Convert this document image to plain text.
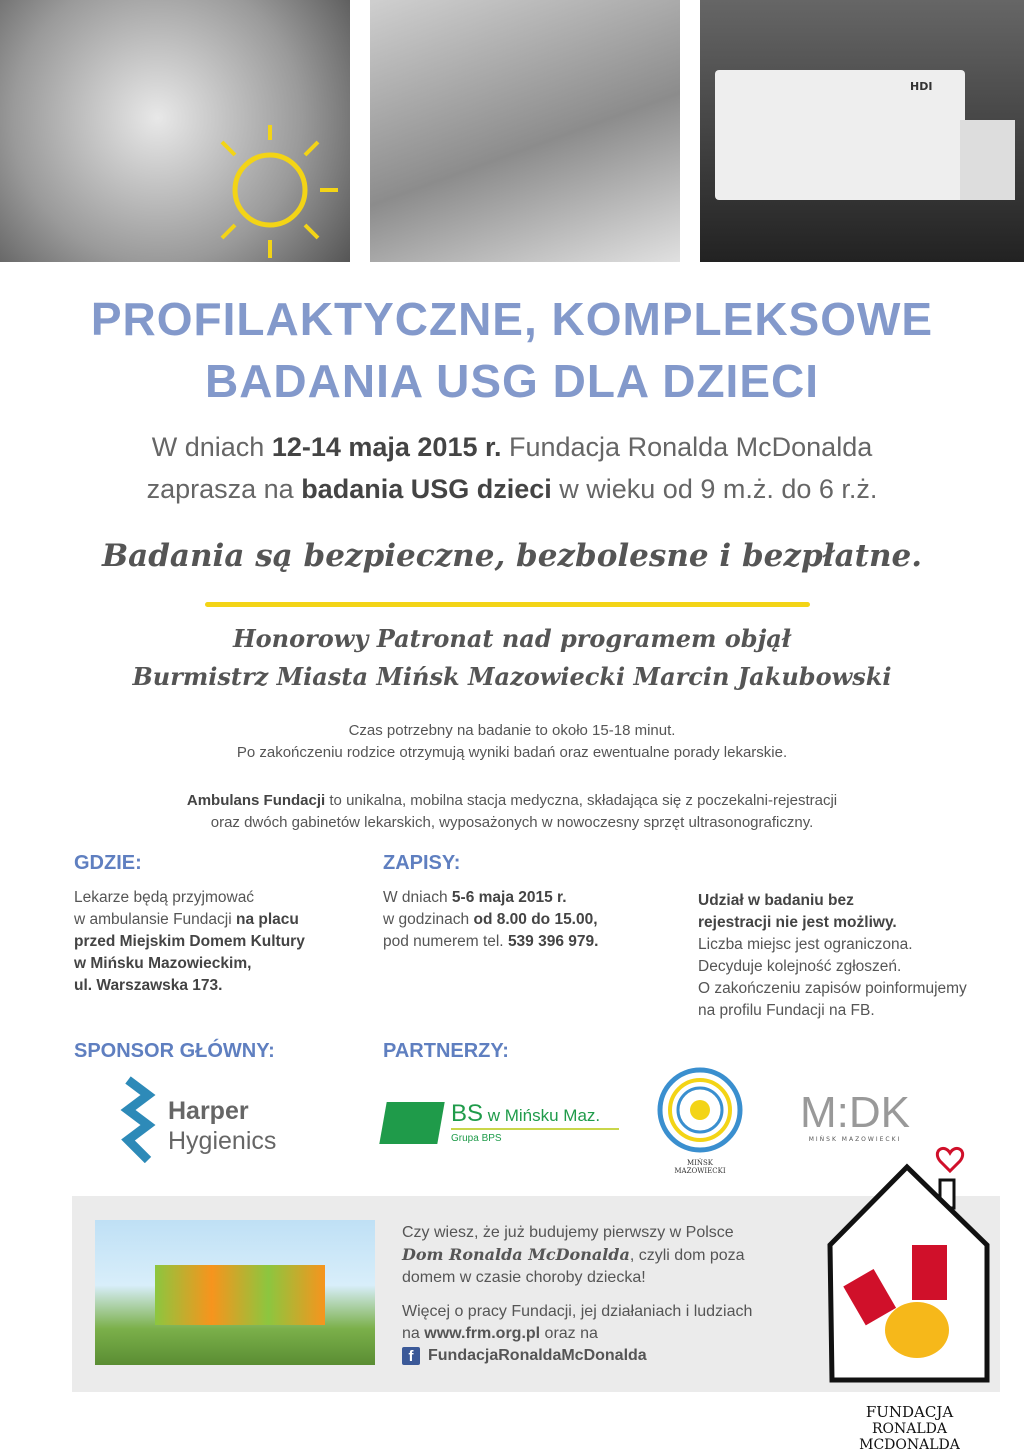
HDI
PROFILAKTYCZNE, KOMPLEKSOWE
BADANIA USG DLA DZIECI
W dniach 12-14 maja 2015 r. Fundacja Ronalda McDonalda
zaprasza na badania USG dzieci w wieku od 9 m.ż. do 6 r.ż.
Badania są bezpieczne, bezbolesne i bezpłatne.
Honorowy Patronat nad programem objął
Burmistrz Miasta Mińsk Mazowiecki Marcin Jakubowski
Czas potrzebny na badanie to około 15-18 minut.
Po zakończeniu rodzice otrzymują wyniki badań oraz ewentualne porady lekarskie.
Ambulans Fundacji to unikalna, mobilna stacja medyczna, składająca się z poczekalni-rejestracji
oraz dwóch gabinetów lekarskich, wyposażonych w nowoczesny sprzęt ultrasonograficzny.
GDZIE:
Lekarze będą przyjmować
w ambulansie Fundacji na placu
przed Miejskim Domem Kultury
w Mińsku Mazowieckim,
ul. Warszawska 173.
ZAPISY:
W dniach 5-6 maja 2015 r.
w godzinach od 8.00 do 15.00,
pod numerem tel. 539 396 979.
Udział w badaniu bez
rejestracji nie jest możliwy.
Liczba miejsc jest ograniczona.
Decyduje kolejność zgłoszeń.
O zakończeniu zapisów poinformujemy
na profilu Fundacji na FB.
SPONSOR GŁÓWNY:	PARTNERZY:
Harper
Hygienics
BS w Mińsku Maz.
Grupa BPS
MIŃSK
MAZOWIECKI
M:DK
MIŃSK MAZOWIECKI
Czy wiesz, że już budujemy pierwszy w Polsce
Dom Ronalda McDonalda, czyli dom poza
domem w czasie choroby dziecka!
Więcej o pracy Fundacji, jej działaniach i ludziach
na www.frm.org.pl oraz na
f FundacjaRonaldaMcDonalda
FUNDACJA
RONALDA MCDONALDA
